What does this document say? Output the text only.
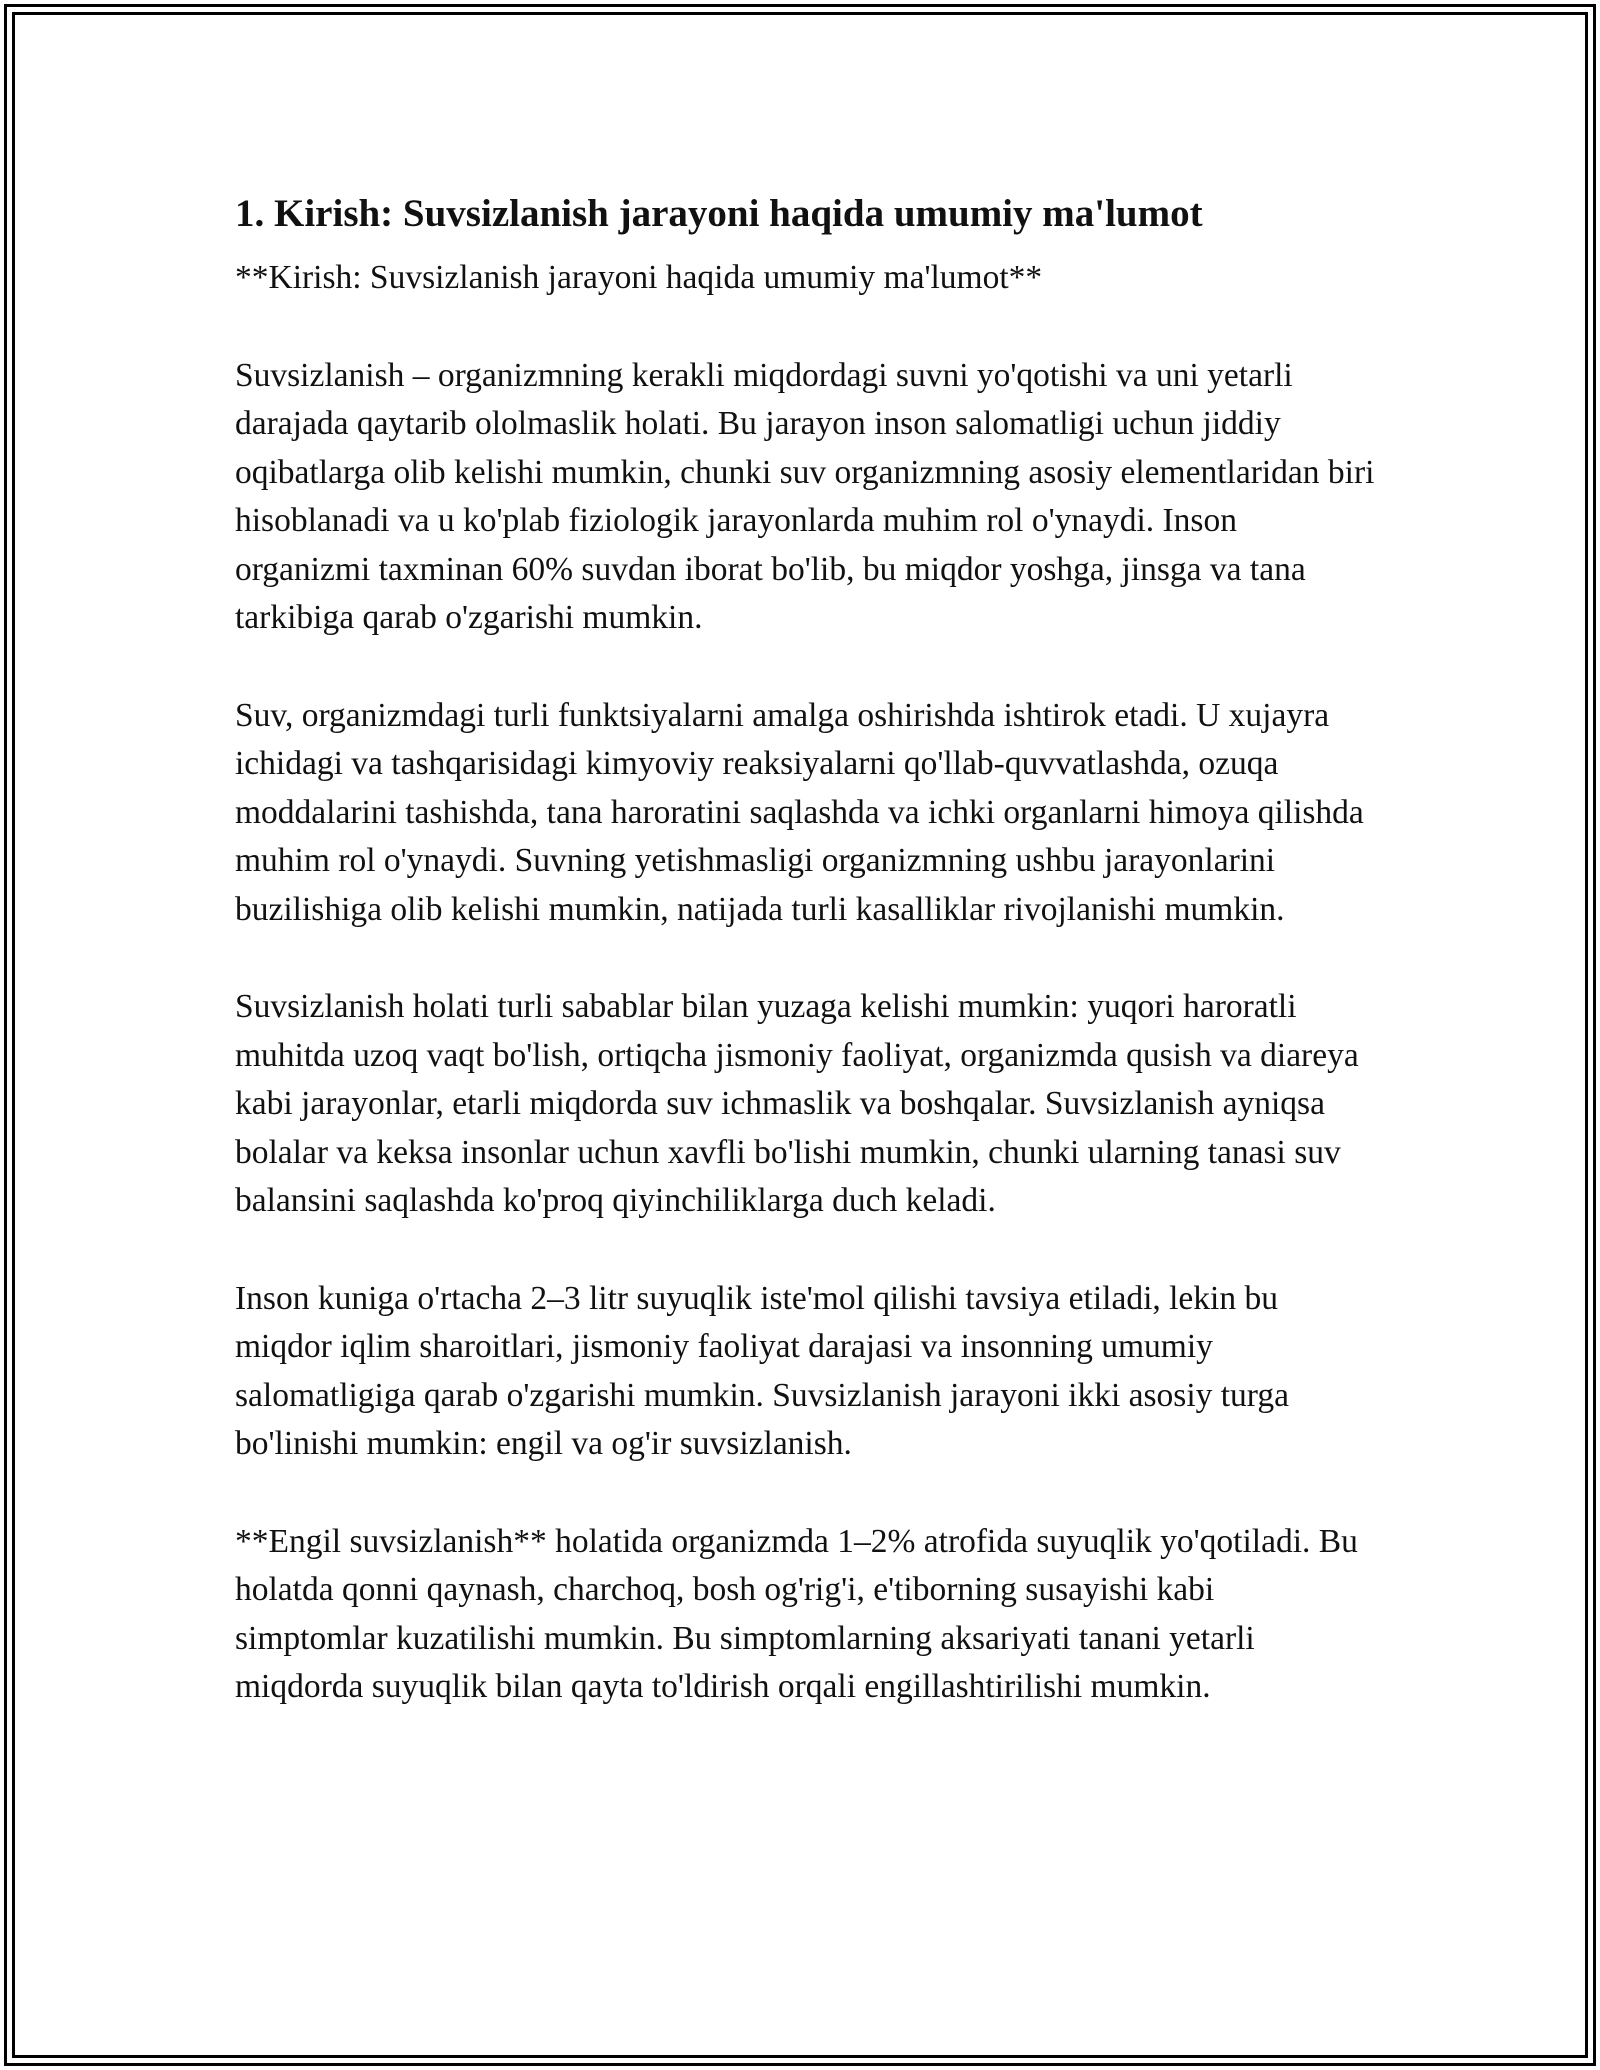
1. Kirish: Suvsizlanish jarayoni haqida umumiy ma'lumot

**Kirish: Suvsizlanish jarayoni haqida umumiy ma'lumot**

Suvsizlanish – organizmning kerakli miqdordagi suvni yo'qotishi va uni yetarli darajada qaytarib ololmaslik holati. Bu jarayon inson salomatligi uchun jiddiy oqibatlarga olib kelishi mumkin, chunki suv organizmning asosiy elementlaridan biri hisoblanadi va u ko'plab fiziologik jarayonlarda muhim rol o'ynaydi. Inson organizmi taxminan 60% suvdan iborat bo'lib, bu miqdor yoshga, jinsga va tana tarkibiga qarab o'zgarishi mumkin.

Suv, organizmdagi turli funktsiyalarni amalga oshirishda ishtirok etadi. U xujayra ichidagi va tashqarisidagi kimyoviy reaksiyalarni qo'llab-quvvatlashda, ozuqa moddalarini tashishda, tana haroratini saqlashda va ichki organlarni himoya qilishda muhim rol o'ynaydi. Suvning yetishmasligi organizmning ushbu jarayonlarini buzilishiga olib kelishi mumkin, natijada turli kasalliklar rivojlanishi mumkin.

Suvsizlanish holati turli sabablar bilan yuzaga kelishi mumkin: yuqori haroratli muhitda uzoq vaqt bo'lish, ortiqcha jismoniy faoliyat, organizmda qusish va diareya kabi jarayonlar, etarli miqdorda suv ichmaslik va boshqalar. Suvsizlanish ayniqsa bolalar va keksa insonlar uchun xavfli bo'lishi mumkin, chunki ularning tanasi suv balansini saqlashda ko'proq qiyinchiliklarga duch keladi.

Inson kuniga o'rtacha 2–3 litr suyuqlik iste'mol qilishi tavsiya etiladi, lekin bu miqdor iqlim sharoitlari, jismoniy faoliyat darajasi va insonning umumiy salomatligiga qarab o'zgarishi mumkin. Suvsizlanish jarayoni ikki asosiy turga bo'linishi mumkin: engil va og'ir suvsizlanish.

**Engil suvsizlanish** holatida organizmda 1–2% atrofida suyuqlik yo'qotiladi. Bu holatda qonni qaynash, charchoq, bosh og'rig'i, e'tiborning susayishi kabi simptomlar kuzatilishi mumkin. Bu simptomlarning aksariyati tanani yetarli miqdorda suyuqlik bilan qayta to'ldirish orqali engillashtirilishi mumkin.
